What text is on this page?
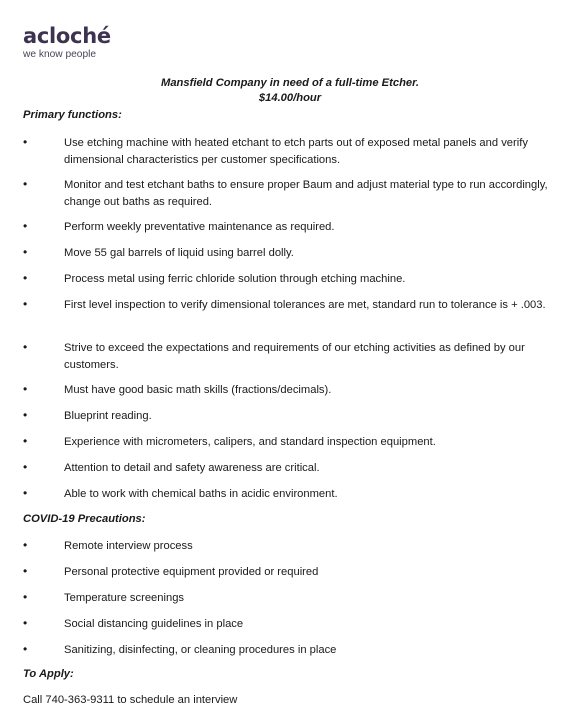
acloché
we know people
Mansfield Company in need of a full-time Etcher.
$14.00/hour
Primary functions:
•	Use etching machine with heated etchant to etch parts out of exposed metal panels and verify dimensional characteristics per customer specifications.
•	Monitor and test etchant baths to ensure proper Baum and adjust material type to run accordingly, change out baths as required.
•	Perform weekly preventative maintenance as required.
•	Move 55 gal barrels of liquid using barrel dolly.
•	Process metal using ferric chloride solution through etching machine.
•	First level inspection to verify dimensional tolerances are met, standard run to tolerance is + .003.
•	Strive to exceed the expectations and requirements of our etching activities as defined by our customers.
•	Must have good basic math skills (fractions/decimals).
•	Blueprint reading.
•	Experience with micrometers, calipers, and standard inspection equipment.
•	Attention to detail and safety awareness are critical.
•	Able to work with chemical baths in acidic environment.
COVID-19 Precautions:
•	Remote interview process
•	Personal protective equipment provided or required
•	Temperature screenings
•	Social distancing guidelines in place
•	Sanitizing, disinfecting, or cleaning procedures in place
To Apply:
Call 740-363-9311 to schedule an interview
